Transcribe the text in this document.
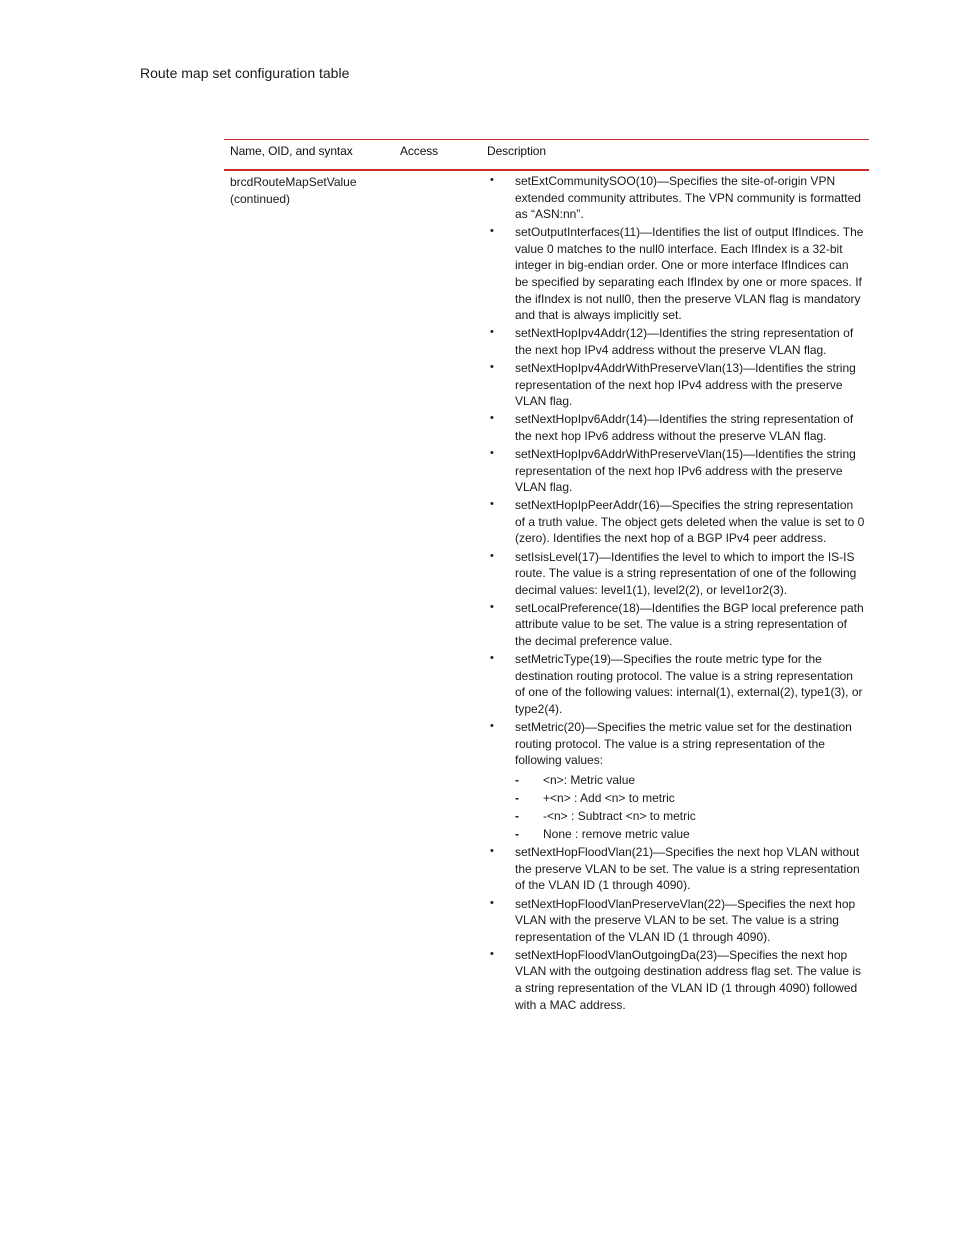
Route map set configuration table
Name, OID, and syntax	Access	Description
brcdRouteMapSetValue
(continued)
• setExtCommunitySOO(10)—Specifies the site-of-origin VPN extended community attributes. The VPN community is formatted as “ASN:nn”.
• setOutputInterfaces(11)—Identifies the list of output IfIndices. The value 0 matches to the null0 interface. Each IfIndex is a 32-bit integer in big-endian order. One or more interface IfIndices can be specified by separating each IfIndex by one or more spaces. If the ifIndex is not null0, then the preserve VLAN flag is mandatory and that is always implicitly set.
• setNextHopIpv4Addr(12)—Identifies the string representation of the next hop IPv4 address without the preserve VLAN flag.
• setNextHopIpv4AddrWithPreserveVlan(13)—Identifies the string representation of the next hop IPv4 address with the preserve VLAN flag.
• setNextHopIpv6Addr(14)—Identifies the string representation of the next hop IPv6 address without the preserve VLAN flag.
• setNextHopIpv6AddrWithPreserveVlan(15)—Identifies the string representation of the next hop IPv6 address with the preserve VLAN flag.
• setNextHopIpPeerAddr(16)—Specifies the string representation of a truth value. The object gets deleted when the value is set to 0 (zero). Identifies the next hop of a BGP IPv4 peer address.
• setIsisLevel(17)—Identifies the level to which to import the IS-IS route. The value is a string representation of one of the following decimal values: level1(1), level2(2), or level1or2(3).
• setLocalPreference(18)—Identifies the BGP local preference path attribute value to be set. The value is a string representation of the decimal preference value.
• setMetricType(19)—Specifies the route metric type for the destination routing protocol. The value is a string representation of one of the following values: internal(1), external(2), type1(3), or type2(4).
• setMetric(20)—Specifies the metric value set for the destination routing protocol. The value is a string representation of the following values:
- <n>: Metric value
- +<n> : Add <n> to metric
- -<n> : Subtract <n> to metric
- None : remove metric value
• setNextHopFloodVlan(21)—Specifies the next hop VLAN without the preserve VLAN to be set. The value is a string representation of the VLAN ID (1 through 4090).
• setNextHopFloodVlanPreserveVlan(22)—Specifies the next hop VLAN with the preserve VLAN to be set. The value is a string representation of the VLAN ID (1 through 4090).
• setNextHopFloodVlanOutgoingDa(23)—Specifies the next hop VLAN with the outgoing destination address flag set. The value is a string representation of the VLAN ID (1 through 4090) followed with a MAC address.
